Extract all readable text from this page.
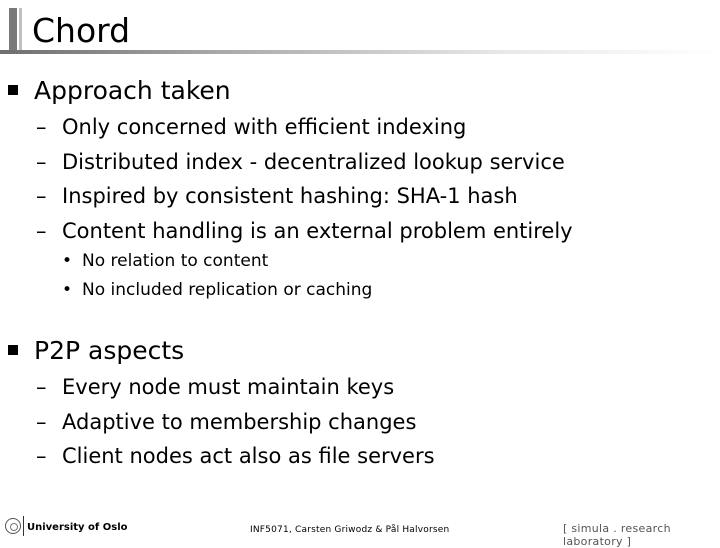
Chord
Approach taken
– Only concerned with efficient indexing
– Distributed index - decentralized lookup service
– Inspired by consistent hashing: SHA-1 hash
– Content handling is an external problem entirely
• No relation to content
• No included replication or caching
P2P aspects
– Every node must maintain keys
– Adaptive to membership changes
– Client nodes act also as file servers
University of Oslo	INF5071, Carsten Griwodz & Pål Halvorsen	[ simula . research laboratory ]
